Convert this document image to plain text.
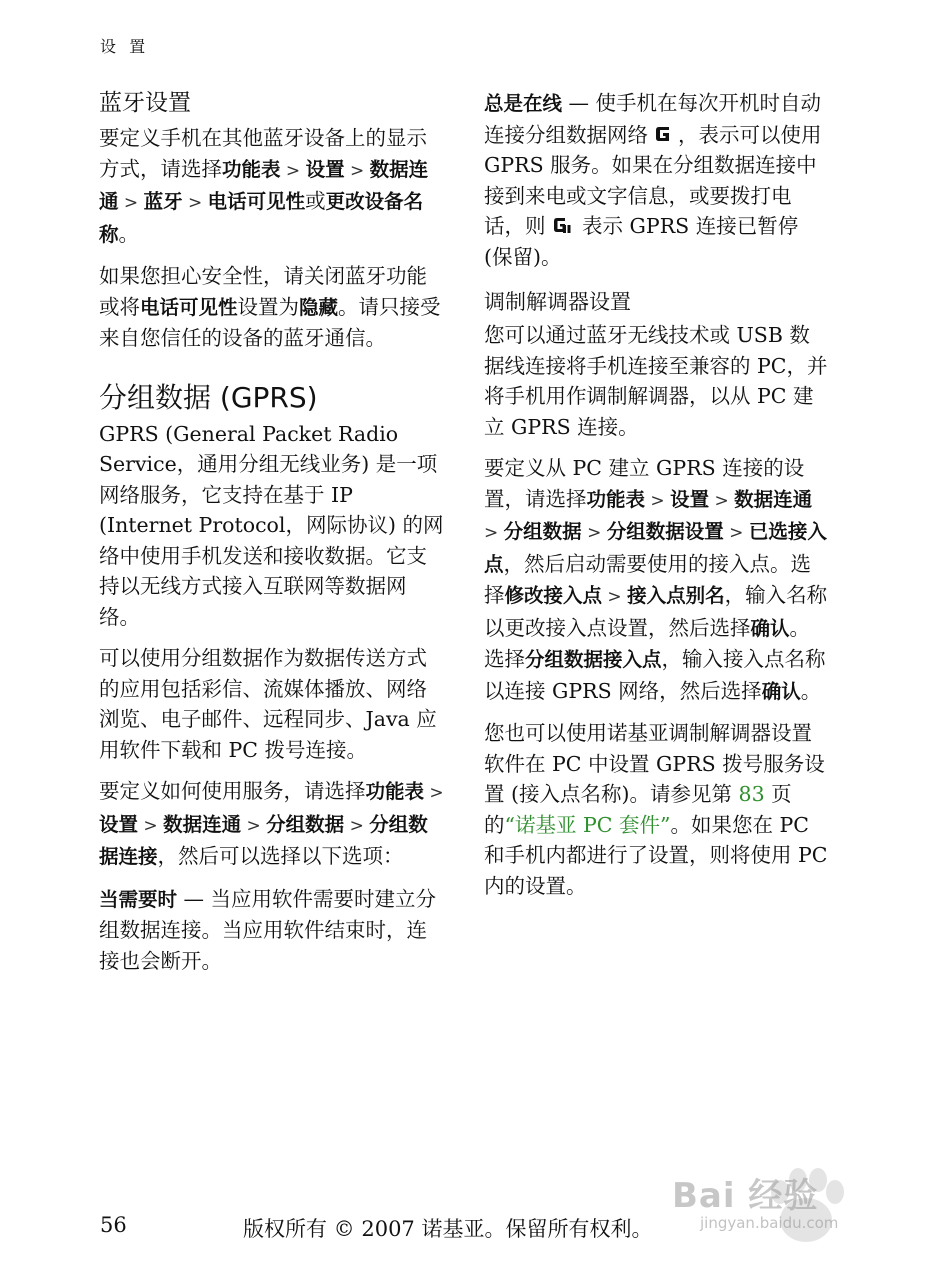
设 置
蓝牙设置

要定义手机在其他蓝牙设备上的显示方式，请选择功能表 > 设置 > 数据连通 > 蓝牙 > 电话可见性或更改设备名称。

如果您担心安全性，请关闭蓝牙功能或将电话可见性设置为隐藏。请只接受来自您信任的设备的蓝牙通信。

分组数据 (GPRS)

GPRS (General Packet Radio Service，通用分组无线业务) 是一项网络服务，它支持在基于 IP (Internet Protocol，网际协议) 的网络中使用手机发送和接收数据。它支持以无线方式接入互联网等数据网络。

可以使用分组数据作为数据传送方式的应用包括彩信、流媒体播放、网络浏览、电子邮件、远程同步、Java 应用软件下载和 PC 拨号连接。

要定义如何使用服务，请选择功能表 > 设置 > 数据连通 > 分组数据 > 分组数据连接，然后可以选择以下选项：

当需要时 — 当应用软件需要时建立分组数据连接。当应用软件结束时，连接也会断开。

总是在线 — 使手机在每次开机时自动连接分组数据网络 ，表示可以使用 GPRS 服务。如果在分组数据连接中接到来电或文字信息，或要拨打电话，则 表示 GPRS 连接已暂停 (保留)。

调制解调器设置

您可以通过蓝牙无线技术或 USB 数据线连接将手机连接至兼容的 PC，并将手机用作调制解调器，以从 PC 建立 GPRS 连接。

要定义从 PC 建立 GPRS 连接的设置，请选择功能表 > 设置 > 数据连通 > 分组数据 > 分组数据设置 > 已选接入点，然后启动需要使用的接入点。选择修改接入点 > 接入点别名，输入名称以更改接入点设置，然后选择确认。选择分组数据接入点，输入接入点名称以连接 GPRS 网络，然后选择确认。

您也可以使用诺基亚调制解调器设置软件在 PC 中设置 GPRS 拨号服务设置 (接入点名称)。请参见第 83 页的“诺基亚 PC 套件”。如果您在 PC 和手机内都进行了设置，则将使用 PC 内的设置。

56	版权所有 © 2007 诺基亚。保留所有权利。
Bai 经验
jingyan.baidu.com
